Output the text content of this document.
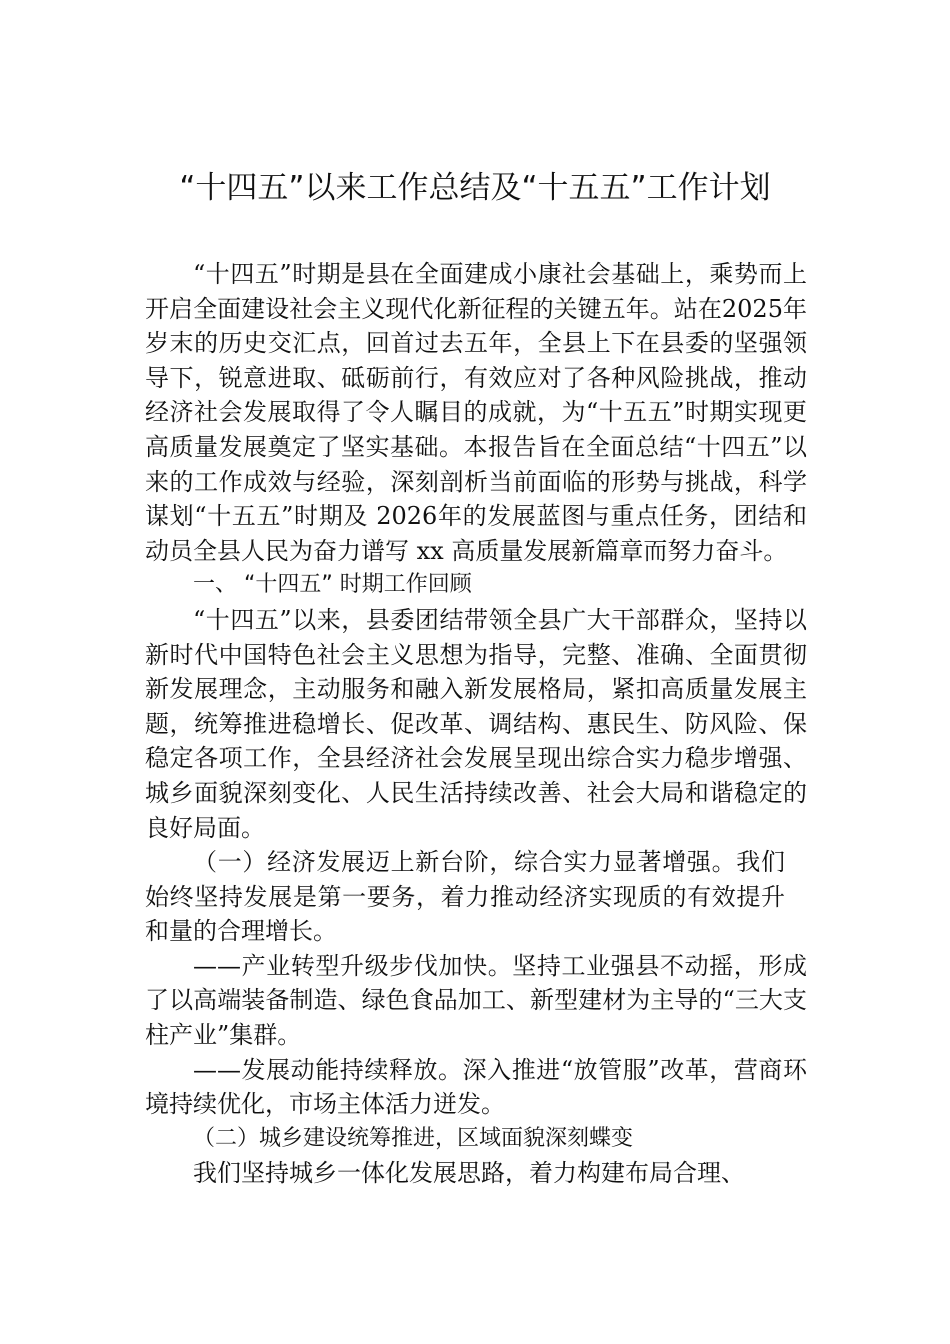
“十四五”以来工作总结及“十五五”工作计划

“十四五”时期是县在全面建成小康社会基础上，乘势而上开启全面建设社会主义现代化新征程的关键五年。站在2025年岁末的历史交汇点，回首过去五年，全县上下在县委的坚强领导下，锐意进取、砥砺前行，有效应对了各种风险挑战，推动经济社会发展取得了令人瞩目的成就，为“十五五”时期实现更高质量发展奠定了坚实基础。本报告旨在全面总结“十四五”以来的工作成效与经验，深刻剖析当前面临的形势与挑战，科学谋划“十五五”时期及 2026年的发展蓝图与重点任务，团结和动员全县人民为奋力谱写 xx 高质量发展新篇章而努力奋斗。

一、 “十四五” 时期工作回顾

“十四五”以来，县委团结带领全县广大干部群众，坚持以新时代中国特色社会主义思想为指导，完整、准确、全面贯彻新发展理念，主动服务和融入新发展格局，紧扣高质量发展主题，统筹推进稳增长、促改革、调结构、惠民生、防风险、保稳定各项工作，全县经济社会发展呈现出综合实力稳步增强、城乡面貌深刻变化、人民生活持续改善、社会大局和谐稳定的良好局面。

（一）经济发展迈上新台阶，综合实力显著增强。我们始终坚持发展是第一要务，着力推动经济实现质的有效提升和量的合理增长。

——产业转型升级步伐加快。坚持工业强县不动摇，形成了以高端装备制造、绿色食品加工、新型建材为主导的“三大支柱产业”集群。

——发展动能持续释放。深入推进“放管服”改革，营商环境持续优化，市场主体活力迸发。

（二）城乡建设统筹推进，区域面貌深刻蝶变

我们坚持城乡一体化发展思路，着力构建布局合理、
